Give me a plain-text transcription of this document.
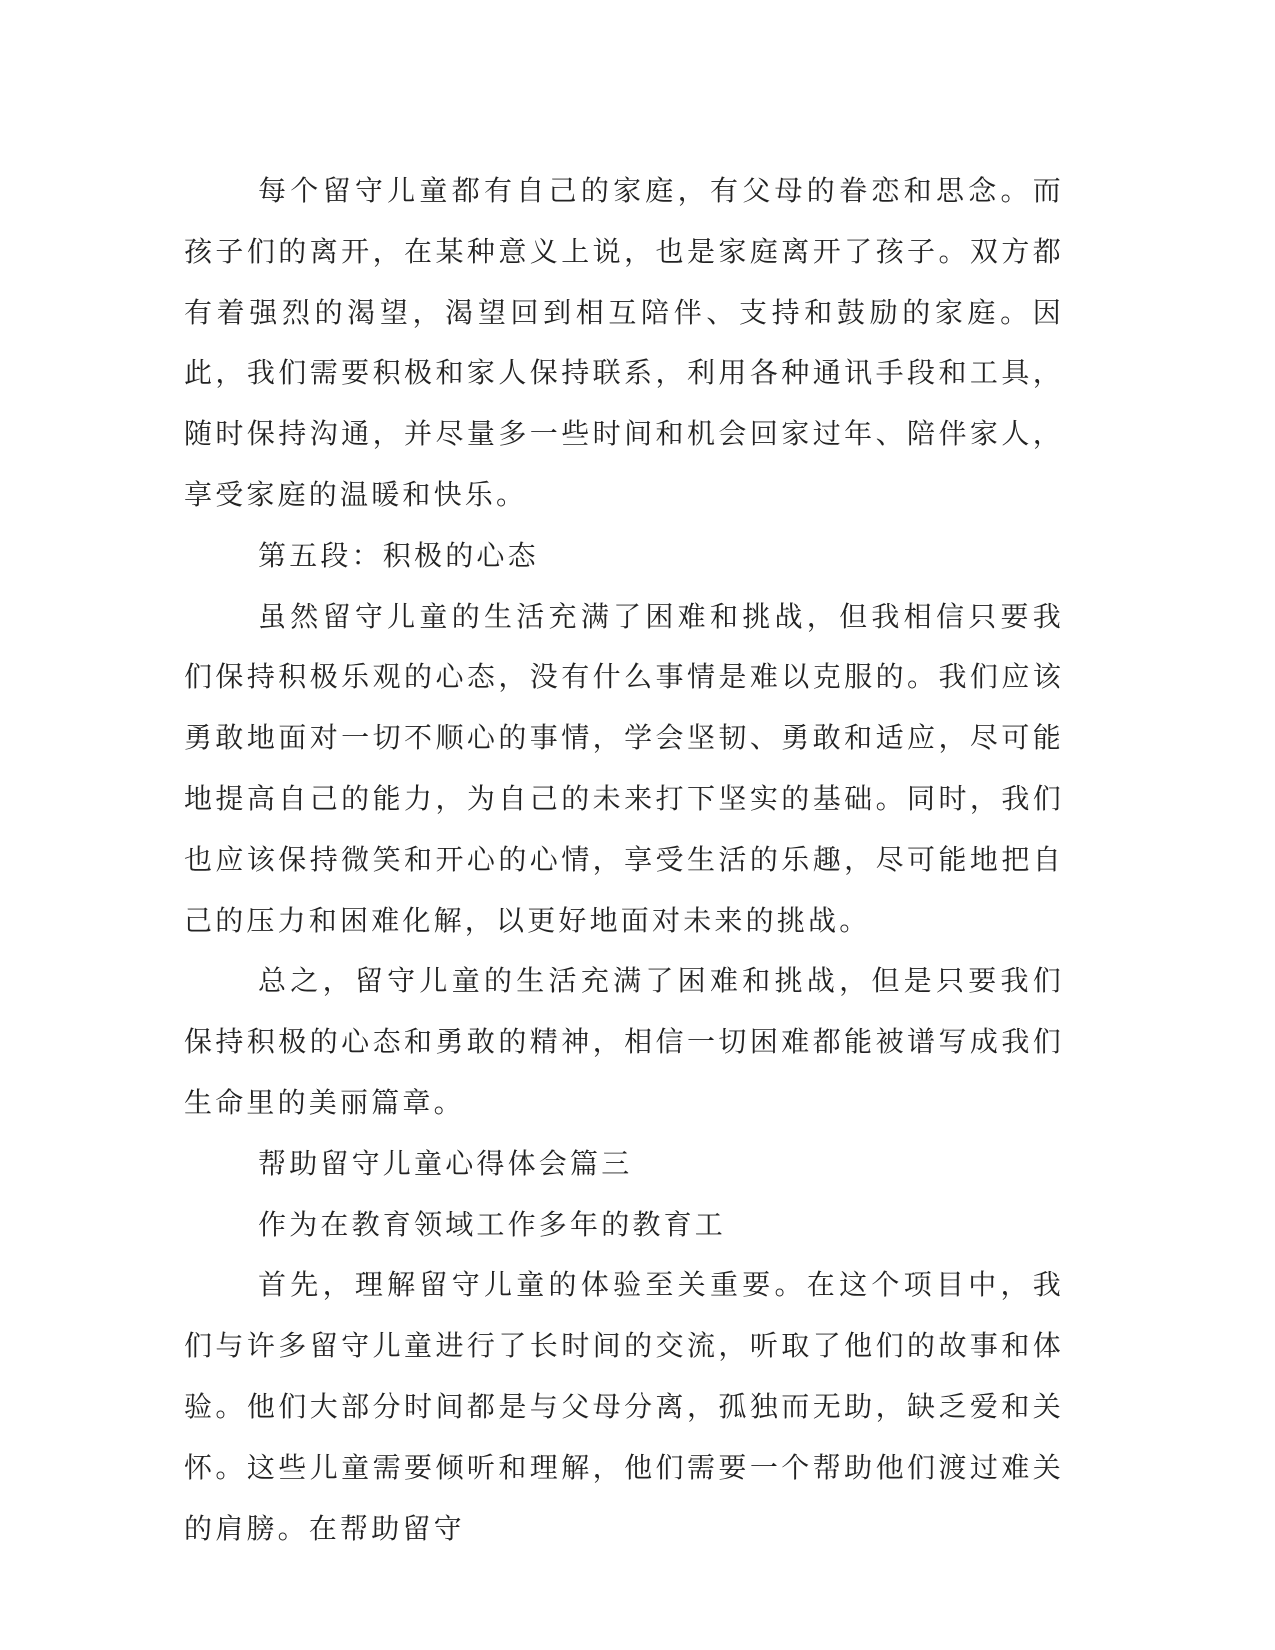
每个留守儿童都有自己的家庭，有父母的眷恋和思念。而孩子们的离开，在某种意义上说，也是家庭离开了孩子。双方都有着强烈的渴望，渴望回到相互陪伴、支持和鼓励的家庭。因此，我们需要积极和家人保持联系，利用各种通讯手段和工具，随时保持沟通，并尽量多一些时间和机会回家过年、陪伴家人，享受家庭的温暖和快乐。

第五段：积极的心态

虽然留守儿童的生活充满了困难和挑战，但我相信只要我们保持积极乐观的心态，没有什么事情是难以克服的。我们应该勇敢地面对一切不顺心的事情，学会坚韧、勇敢和适应，尽可能地提高自己的能力，为自己的未来打下坚实的基础。同时，我们也应该保持微笑和开心的心情，享受生活的乐趣，尽可能地把自己的压力和困难化解，以更好地面对未来的挑战。

总之，留守儿童的生活充满了困难和挑战，但是只要我们保持积极的心态和勇敢的精神，相信一切困难都能被谱写成我们生命里的美丽篇章。

帮助留守儿童心得体会篇三

作为在教育领域工作多年的教育工

首先，理解留守儿童的体验至关重要。在这个项目中，我们与许多留守儿童进行了长时间的交流，听取了他们的故事和体验。他们大部分时间都是与父母分离，孤独而无助，缺乏爱和关怀。这些儿童需要倾听和理解，他们需要一个帮助他们渡过难关的肩膀。在帮助留守
